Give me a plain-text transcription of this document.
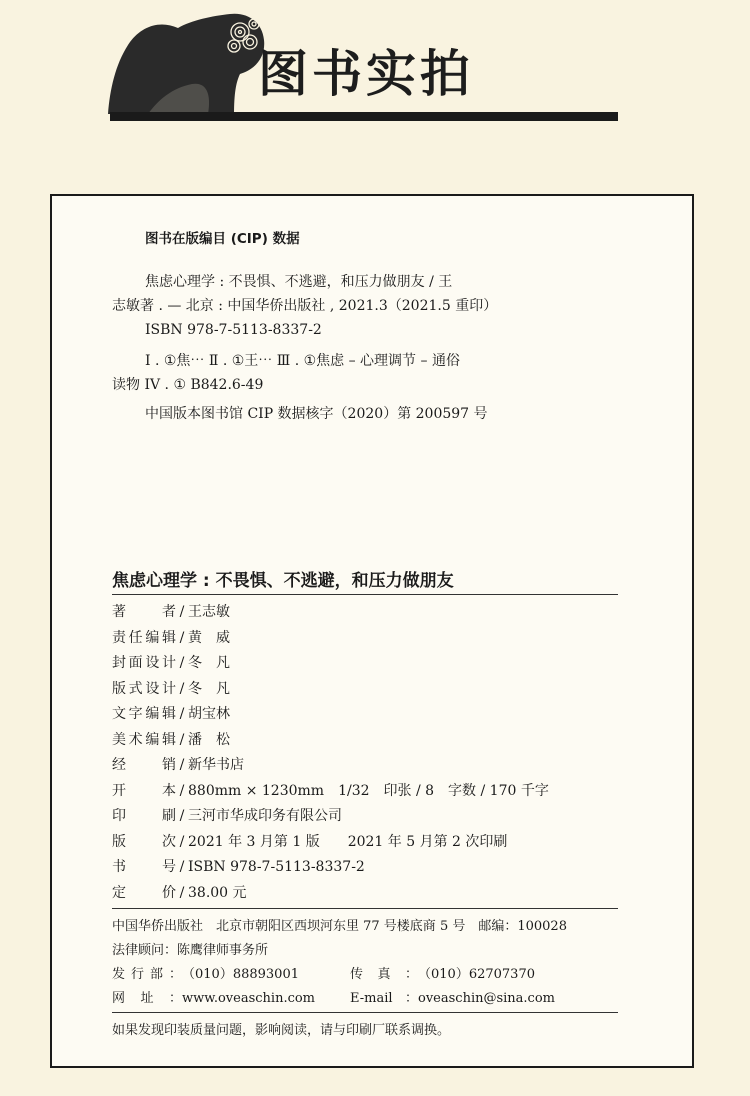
图书实拍
图书在版编目 (CIP) 数据
焦虑心理学 : 不畏惧、不逃避，和压力做朋友 / 王
志敏著 . — 北京 : 中国华侨出版社 , 2021.3（2021.5 重印）
ISBN 978-7-5113-8337-2
Ⅰ . ①焦⋯ Ⅱ . ①王⋯ Ⅲ . ①焦虑 – 心理调节 – 通俗
读物 IV . ① B842.6-49
中国版本图书馆 CIP 数据核字（2020）第 200597 号
焦虑心理学 : 不畏惧、不逃避，和压力做朋友
著者 / 王志敏
责任编辑 / 黄　威
封面设计 / 冬　凡
版式设计 / 冬　凡
文字编辑 / 胡宝林
美术编辑 / 潘　松
经销 / 新华书店
开本 / 880mm × 1230mm　1/32　印张 / 8　字数 / 170 千字
印刷 / 三河市华成印务有限公司
版次 / 2021 年 3 月第 1 版　　2021 年 5 月第 2 次印刷
书号 / ISBN 978-7-5113-8337-2
定价 / 38.00 元
中国华侨出版社　北京市朝阳区西坝河东里 77 号楼底商 5 号　邮编：100028
法律顾问：陈鹰律师事务所
发行部：（010）88893001	传真：（010）62707370
网址：www.oveaschin.com	E-mail：oveaschin@sina.com
如果发现印装质量问题，影响阅读，请与印刷厂联系调换。
